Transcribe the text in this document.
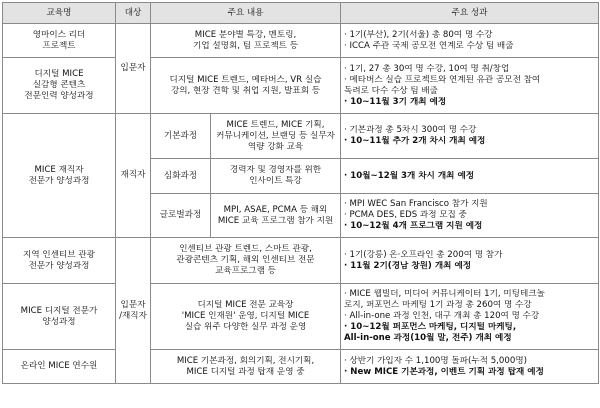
교육명	대상	주요 내용		주요 성과

영마이스 리더
프로젝트	입문자	MICE 분야별 특강, 멘토링,
기업 설명회, 팀 프로젝트 등		· 1기(부산), 2기(서울) 총 80여 명 수강
· ICCA 주관 국제 공모전 연계로 수상 팀 배출

디지털 MICE
실감형 콘텐츠
전문인력 양성과정		디지털 MICE 트렌드, 메타버스, VR 실습
강의, 현장 견학 및 취업 지원, 발표회 등		· 1기, 27 총 30여 명 수강, 10여 명 취/창업
· 메타버스 실습 프로젝트와 연계된 유관 공모전 참여
독려로 다수 수상 팀 배출
· 10~11월 3기 개최 예정

MICE 재직자
전문가 양성과정	재직자	기본과정	MICE 트렌드, MICE 기획,
커뮤니케이션, 브랜딩 등 실무자
역량 강화 교육	· 기본과정 총 5차시 300여 명 수강
· 10~11월 추가 2개 차시 개최 예정

		심화과정	경력자 및 경영자를 위한
인사이트 특강	· 10월~12월 3개 차시 개최 예정

		글로벌과정	MPI, ASAE, PCMA 등 해외
MICE 교육 프로그램 참가 지원	· MPI WEC San Francisco 참가 지원
· PCMA DES, EDS 과정 모집 중
· 10~12월 4개 프로그램 지원 예정

지역 인센티브 관광
전문가 양성과정	입문자
/재직자	인센티브 관광 트렌드, 스마트 관광,
관광콘텐츠 기획, 해외 인센티브 전문
교육프로그램 등		· 1기(강릉) 온·오프라인 총 200여 명 참가
· 11월 2기(경남 창원) 개최 예정

MICE 디지털 전문가
양성과정		디지털 MICE 전문 교육장
'MICE 인재원' 운영, 디지털 MICE
실습 위주 다양한 실무 과정 운영		· MICE 웹빌더, 미디어 커뮤니케이터 1기, 미팅테크놀
로지, 퍼포먼스 마케팅 1기 과정 총 260여 명 수강
· All-in-one 과정 인천, 대구 개최 총 120여 명 수강
· 10~12월 퍼포먼스 마케팅, 디지털 마케팅,
All-in-one 과정(10월 말, 전주) 개최 예정

온라인 MICE 연수원		MICE 기본과정, 회의기획, 전시기획,
MICE 디지털 과정 탑재 운영 중		· 상반기 가입자 수 1,100명 돌파(누적 5,000명)
· New MICE 기본과정, 이벤트 기획 과정 탑재 예정
